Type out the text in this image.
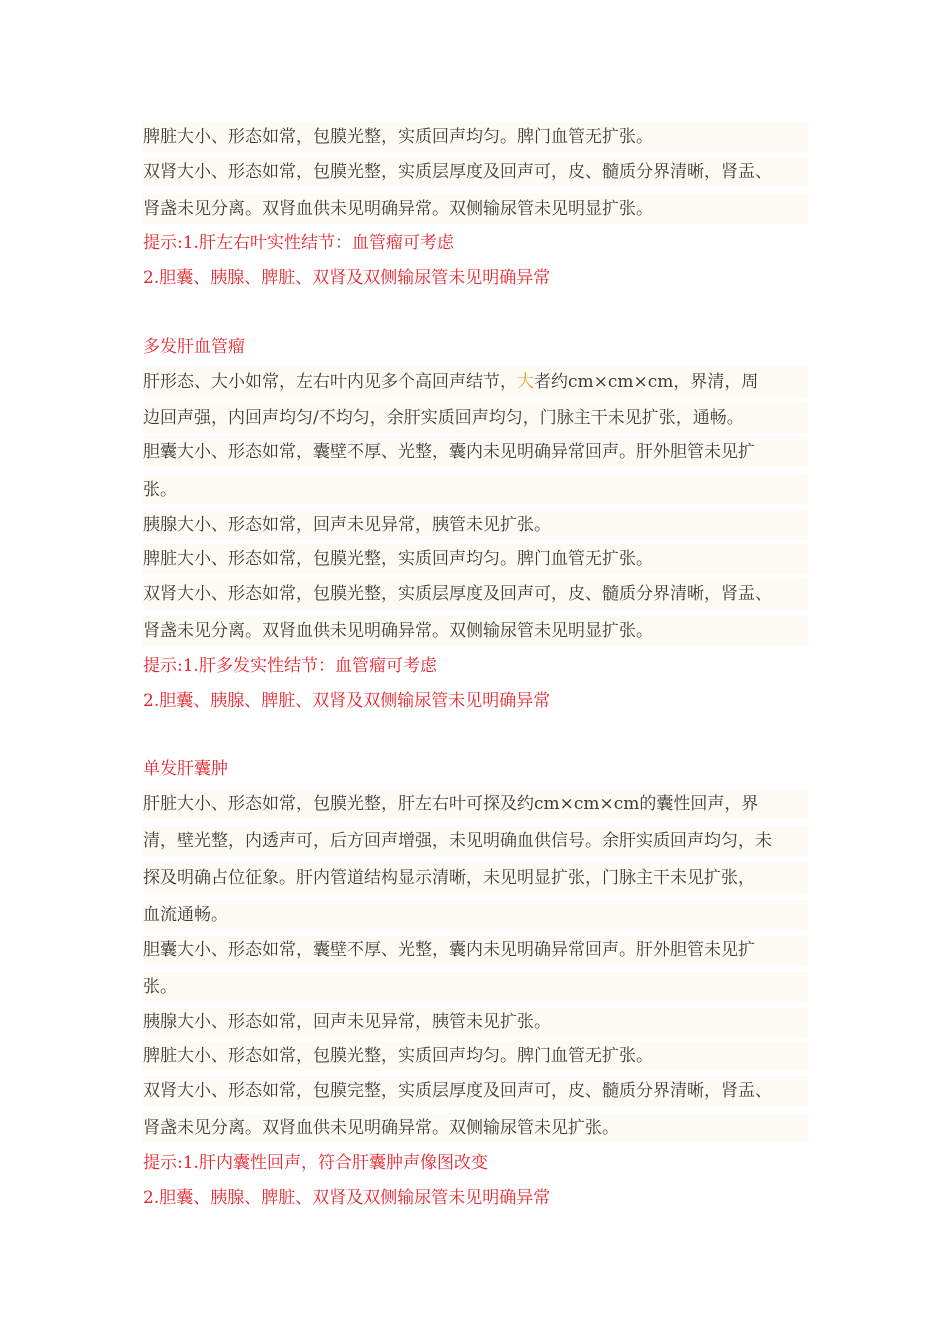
脾脏大小、形态如常，包膜光整，实质回声均匀。脾门血管无扩张。
双肾大小、形态如常，包膜光整，实质层厚度及回声可，皮、髓质分界清晰，肾盂、
肾盏未见分离。双肾血供未见明确异常。双侧输尿管未见明显扩张。
提示:1.肝左右叶实性结节：血管瘤可考虑
2.胆囊、胰腺、脾脏、双肾及双侧输尿管未见明确异常
多发肝血管瘤
肝形态、大小如常，左右叶内见多个高回声结节，大者约cm×cm×cm，界清，周
边回声强，内回声均匀/不均匀，余肝实质回声均匀，门脉主干未见扩张，通畅。
胆囊大小、形态如常，囊壁不厚、光整，囊内未见明确异常回声。肝外胆管未见扩
张。
胰腺大小、形态如常，回声未见异常，胰管未见扩张。
脾脏大小、形态如常，包膜光整，实质回声均匀。脾门血管无扩张。
双肾大小、形态如常，包膜光整，实质层厚度及回声可，皮、髓质分界清晰，肾盂、
肾盏未见分离。双肾血供未见明确异常。双侧输尿管未见明显扩张。
提示:1.肝多发实性结节：血管瘤可考虑
2.胆囊、胰腺、脾脏、双肾及双侧输尿管未见明确异常
单发肝囊肿
肝脏大小、形态如常，包膜光整，肝左右叶可探及约cm×cm×cm的囊性回声，界
清，壁光整，内透声可，后方回声增强，未见明确血供信号。余肝实质回声均匀，未
探及明确占位征象。肝内管道结构显示清晰，未见明显扩张，门脉主干未见扩张，
血流通畅。
胆囊大小、形态如常，囊壁不厚、光整，囊内未见明确异常回声。肝外胆管未见扩
张。
胰腺大小、形态如常，回声未见异常，胰管未见扩张。
脾脏大小、形态如常，包膜光整，实质回声均匀。脾门血管无扩张。
双肾大小、形态如常，包膜完整，实质层厚度及回声可，皮、髓质分界清晰，肾盂、
肾盏未见分离。双肾血供未见明确异常。双侧输尿管未见扩张。
提示:1.肝内囊性回声，符合肝囊肿声像图改变
2.胆囊、胰腺、脾脏、双肾及双侧输尿管未见明确异常
